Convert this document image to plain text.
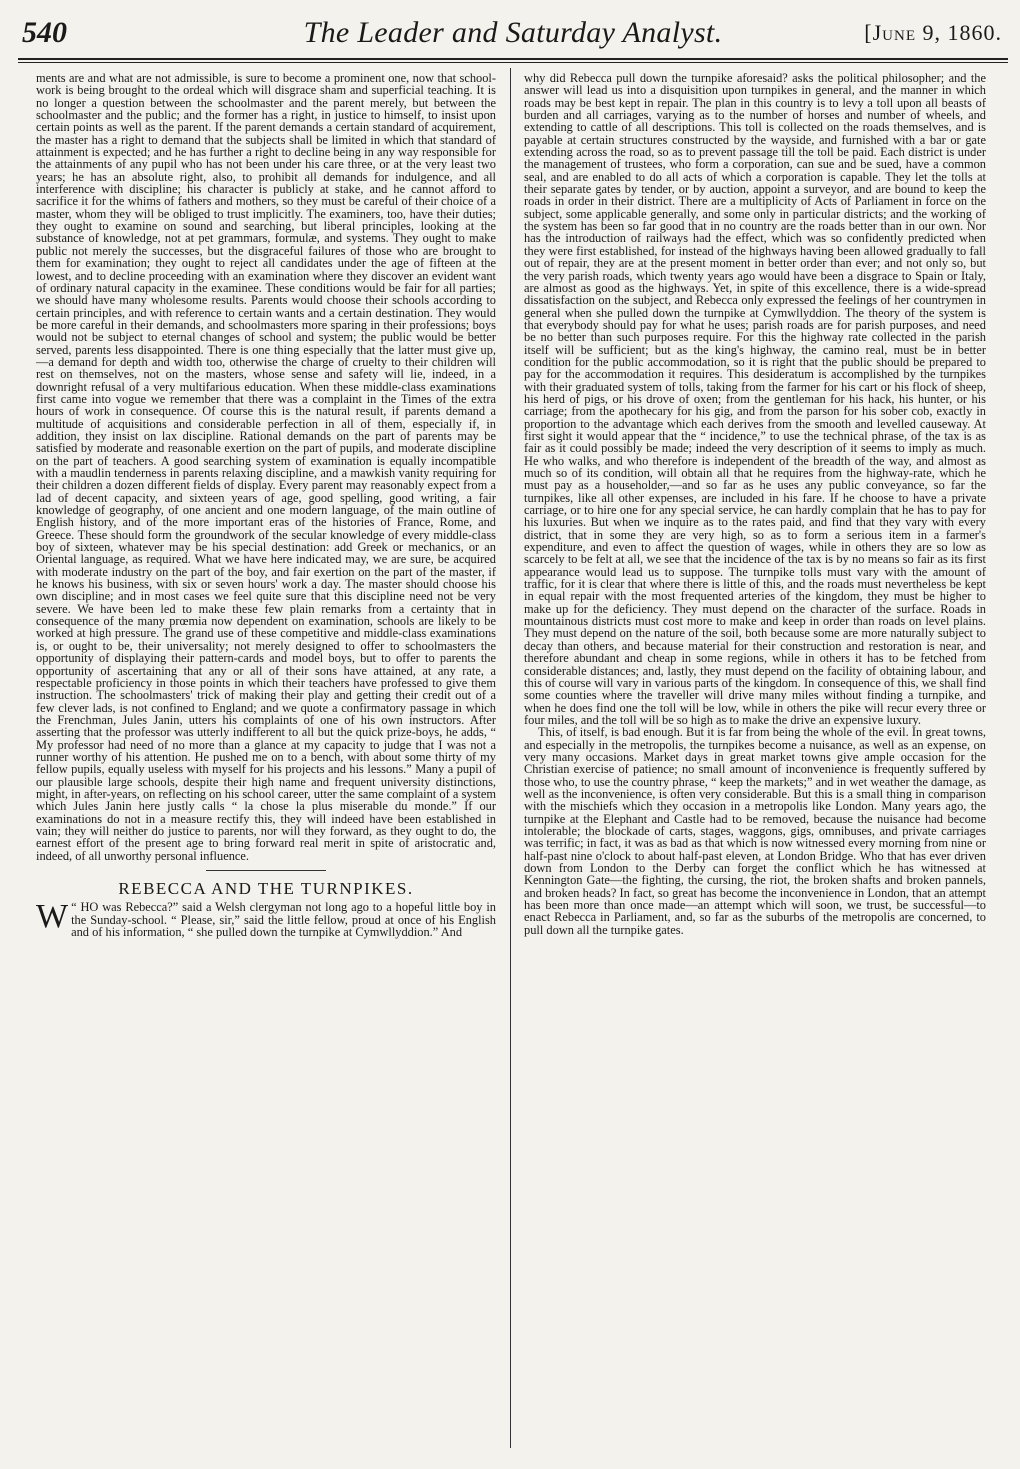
540	The Leader and Saturday Analyst.	[June 9, 1860.

ments are and what are not admissible, is sure to become a prominent one, now that school-work is being brought to the ordeal which will disgrace sham and superficial teaching. It is no longer a question between the schoolmaster and the parent merely, but between the schoolmaster and the public; and the former has a right, in justice to himself, to insist upon certain points as well as the parent. If the parent demands a certain standard of acquirement, the master has a right to demand that the subjects shall be limited in which that standard of attainment is expected; and he has further a right to decline being in any way responsible for the attainments of any pupil who has not been under his care three, or at the very least two years; he has an absolute right, also, to prohibit all demands for indulgence, and all interference with discipline; his character is publicly at stake, and he cannot afford to sacrifice it for the whims of fathers and mothers, so they must be careful of their choice of a master, whom they will be obliged to trust implicitly. The examiners, too, have their duties; they ought to examine on sound and searching, but liberal principles, looking at the substance of knowledge, not at pet grammars, formulæ, and systems. They ought to make public not merely the successes, but the disgraceful failures of those who are brought to them for examination; they ought to reject all candidates under the age of fifteen at the lowest, and to decline proceeding with an examination where they discover an evident want of ordinary natural capacity in the examinee. These conditions would be fair for all parties; we should have many wholesome results. Parents would choose their schools according to certain principles, and with reference to certain wants and a certain destination. They would be more careful in their demands, and schoolmasters more sparing in their professions; boys would not be subject to eternal changes of school and system; the public would be better served, parents less disappointed. There is one thing especially that the latter must give up,—a demand for depth and width too, otherwise the charge of cruelty to their children will rest on themselves, not on the masters, whose sense and safety will lie, indeed, in a downright refusal of a very multifarious education. When these middle-class examinations first came into vogue we remember that there was a complaint in the Times of the extra hours of work in consequence. Of course this is the natural result, if parents demand a multitude of acquisitions and considerable perfection in all of them, especially if, in addition, they insist on lax discipline. Rational demands on the part of parents may be satisfied by moderate and reasonable exertion on the part of pupils, and moderate discipline on the part of teachers. A good searching system of examination is equally incompatible with a maudlin tenderness in parents relaxing discipline, and a mawkish vanity requiring for their children a dozen different fields of display. Every parent may reasonably expect from a lad of decent capacity, and sixteen years of age, good spelling, good writing, a fair knowledge of geography, of one ancient and one modern language, of the main outline of English history, and of the more important eras of the histories of France, Rome, and Greece. These should form the groundwork of the secular knowledge of every middle-class boy of sixteen, whatever may be his special destination: add Greek or mechanics, or an Oriental language, as required. What we have here indicated may, we are sure, be acquired with moderate industry on the part of the boy, and fair exertion on the part of the master, if he knows his business, with six or seven hours' work a day. The master should choose his own discipline; and in most cases we feel quite sure that this discipline need not be very severe. We have been led to make these few plain remarks from a certainty that in consequence of the many prœmia now dependent on examination, schools are likely to be worked at high pressure. The grand use of these competitive and middle-class examinations is, or ought to be, their universality; not merely designed to offer to schoolmasters the opportunity of displaying their pattern-cards and model boys, but to offer to parents the opportunity of ascertaining that any or all of their sons have attained, at any rate, a respectable proficiency in those points in which their teachers have professed to give them instruction. The schoolmasters' trick of making their play and getting their credit out of a few clever lads, is not confined to England; and we quote a confirmatory passage in which the Frenchman, Jules Janin, utters his complaints of one of his own instructors. After asserting that the professor was utterly indifferent to all but the quick prize-boys, he adds, “ My professor had need of no more than a glance at my capacity to judge that I was not a runner worthy of his attention. He pushed me on to a bench, with about some thirty of my fellow pupils, equally useless with myself for his projects and his lessons.” Many a pupil of our plausible large schools, despite their high name and frequent university distinctions, might, in after-years, on reflecting on his school career, utter the same complaint of a system which Jules Janin here justly calls “ la chose la plus miserable du monde.” If our examinations do not in a measure rectify this, they will indeed have been established in vain; they will neither do justice to parents, nor will they forward, as they ought to do, the earnest effort of the present age to bring forward real merit in spite of aristocratic and, indeed, of all unworthy personal influence.

REBECCA AND THE TURNPIKES.

“
W HO was Rebecca?” said a Welsh clergyman not long ago to a hopeful little boy in the Sunday-school. “ Please, sir,” said the little fellow, proud at once of his English and of his information, “ she pulled down the turnpike at Cymwllyddion.” And

why did Rebecca pull down the turnpike aforesaid? asks the political philosopher; and the answer will lead us into a disquisition upon turnpikes in general, and the manner in which roads may be best kept in repair. The plan in this country is to levy a toll upon all beasts of burden and all carriages, varying as to the number of horses and number of wheels, and extending to cattle of all descriptions. This toll is collected on the roads themselves, and is payable at certain structures constructed by the wayside, and furnished with a bar or gate extending across the road, so as to prevent passage till the toll be paid. Each district is under the management of trustees, who form a corporation, can sue and be sued, have a common seal, and are enabled to do all acts of which a corporation is capable. They let the tolls at their separate gates by tender, or by auction, appoint a surveyor, and are bound to keep the roads in order in their district. There are a multiplicity of Acts of Parliament in force on the subject, some applicable generally, and some only in particular districts; and the working of the system has been so far good that in no country are the roads better than in our own. Nor has the introduction of railways had the effect, which was so confidently predicted when they were first established, for instead of the highways having been allowed gradually to fall out of repair, they are at the present moment in better order than ever; and not only so, but the very parish roads, which twenty years ago would have been a disgrace to Spain or Italy, are almost as good as the highways. Yet, in spite of this excellence, there is a wide-spread dissatisfaction on the subject, and Rebecca only expressed the feelings of her countrymen in general when she pulled down the turnpike at Cymwllyddion. The theory of the system is that everybody should pay for what he uses; parish roads are for parish purposes, and need be no better than such purposes require. For this the highway rate collected in the parish itself will be sufficient; but as the king's highway, the camino real, must be in better condition for the public accommodation, so it is right that the public should be prepared to pay for the accommodation it requires. This desideratum is accomplished by the turnpikes with their graduated system of tolls, taking from the farmer for his cart or his flock of sheep, his herd of pigs, or his drove of oxen; from the gentleman for his hack, his hunter, or his carriage; from the apothecary for his gig, and from the parson for his sober cob, exactly in proportion to the advantage which each derives from the smooth and levelled causeway. At first sight it would appear that the “ incidence,” to use the technical phrase, of the tax is as fair as it could possibly be made; indeed the very description of it seems to imply as much. He who walks, and who therefore is independent of the breadth of the way, and almost as much so of its condition, will obtain all that he requires from the highway-rate, which he must pay as a householder,—and so far as he uses any public conveyance, so far the turnpikes, like all other expenses, are included in his fare. If he choose to have a private carriage, or to hire one for any special service, he can hardly complain that he has to pay for his luxuries. But when we inquire as to the rates paid, and find that they vary with every district, that in some they are very high, so as to form a serious item in a farmer's expenditure, and even to affect the question of wages, while in others they are so low as scarcely to be felt at all, we see that the incidence of the tax is by no means so fair as its first appearance would lead us to suppose. The turnpike tolls must vary with the amount of traffic, for it is clear that where there is little of this, and the roads must nevertheless be kept in equal repair with the most frequented arteries of the kingdom, they must be higher to make up for the deficiency. They must depend on the character of the surface. Roads in mountainous districts must cost more to make and keep in order than roads on level plains. They must depend on the nature of the soil, both because some are more naturally subject to decay than others, and because material for their construction and restoration is near, and therefore abundant and cheap in some regions, while in others it has to be fetched from considerable distances; and, lastly, they must depend on the facility of obtaining labour, and this of course will vary in various parts of the kingdom. In consequence of this, we shall find some counties where the traveller will drive many miles without finding a turnpike, and when he does find one the toll will be low, while in others the pike will recur every three or four miles, and the toll will be so high as to make the drive an expensive luxury.

This, of itself, is bad enough. But it is far from being the whole of the evil. In great towns, and especially in the metropolis, the turnpikes become a nuisance, as well as an expense, on very many occasions. Market days in great market towns give ample occasion for the Christian exercise of patience; no small amount of inconvenience is frequently suffered by those who, to use the country phrase, “ keep the markets;” and in wet weather the damage, as well as the inconvenience, is often very considerable. But this is a small thing in comparison with the mischiefs which they occasion in a metropolis like London. Many years ago, the turnpike at the Elephant and Castle had to be removed, because the nuisance had become intolerable; the blockade of carts, stages, waggons, gigs, omnibuses, and private carriages was terrific; in fact, it was as bad as that which is now witnessed every morning from nine or half-past nine o'clock to about half-past eleven, at London Bridge. Who that has ever driven down from London to the Derby can forget the conflict which he has witnessed at Kennington Gate—the fighting, the cursing, the riot, the broken shafts and broken pannels, and broken heads? In fact, so great has become the inconvenience in London, that an attempt has been more than once made—an attempt which will soon, we trust, be successful—to enact Rebecca in Parliament, and, so far as the suburbs of the metropolis are concerned, to pull down all the turnpike gates.
